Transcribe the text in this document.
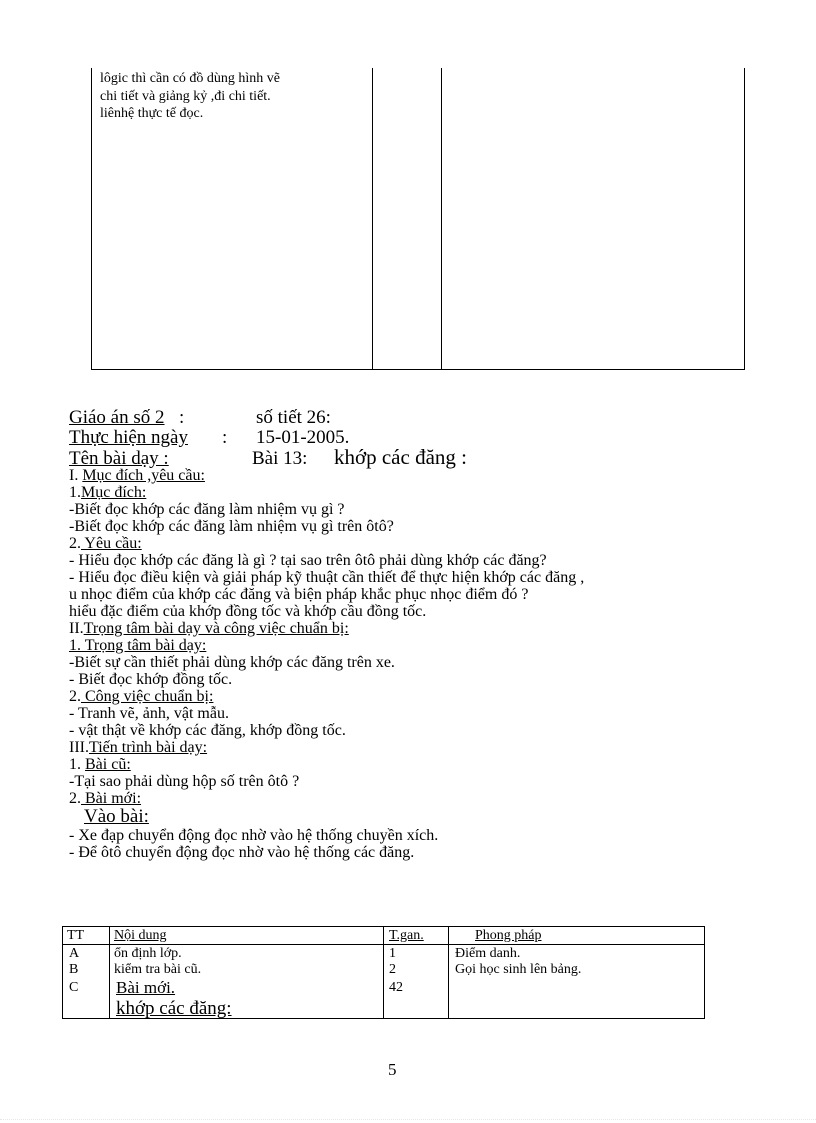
lôgic thì cần có đồ dùng hình vẽ
chi tiết và giảng kỷ ,đi chi tiết.
liênhệ thực tế đọc.
Giáo án số 2 :	số tiết 26:
Thực hiện ngày : 15-01-2005.
Tên bài dạy :	Bài 13: khớp các đăng :
I. Mục đích ,yêu cầu:
1.Mục đích:
-Biết đọc khớp các đăng làm nhiệm vụ gì ?
-Biết đọc khớp các đăng làm nhiệm vụ gì trên ôtô?
2. Yêu cầu:
- Hiểu đọc khớp các đăng là gì ? tại sao trên ôtô phải dùng khớp các đăng?
- Hiểu đọc điều kiện và giải pháp kỹ thuật cần thiết để thực hiện khớp các đăng ,
u nhọc điểm của khớp các đăng và biện pháp khắc phục nhọc điểm đó ?
hiểu đặc điểm của khớp đồng tốc và khớp cầu đồng tốc.
II.Trọng tâm bài dạy và công việc chuẩn bị:
1. Trọng tâm bài dạy:
-Biết sự cần thiết phải dùng khớp các đăng trên xe.
- Biết đọc khớp đồng tốc.
2. Công việc chuẩn bị:
- Tranh vẽ, ảnh, vật mẫu.
- vật thật về khớp các đăng, khớp đồng tốc.
III.Tiến trình bài dạy:
1. Bài cũ:
-Tại sao phải dùng hộp số trên ôtô ?
2. Bài mới:
Vào bài:
- Xe đạp chuyển động đọc nhờ vào hệ thống chuyền xích.
- Để ôtô chuyển động đọc nhờ vào hệ thống các đăng.
TT Nội dung	T.gan.	Phong pháp
A ổn định lớp.	1	Điểm danh.
B	kiểm tra bài cũ.	2	Gọi học sinh lên bảng.
C Bài mới.	42
khớp các đăng:
5
